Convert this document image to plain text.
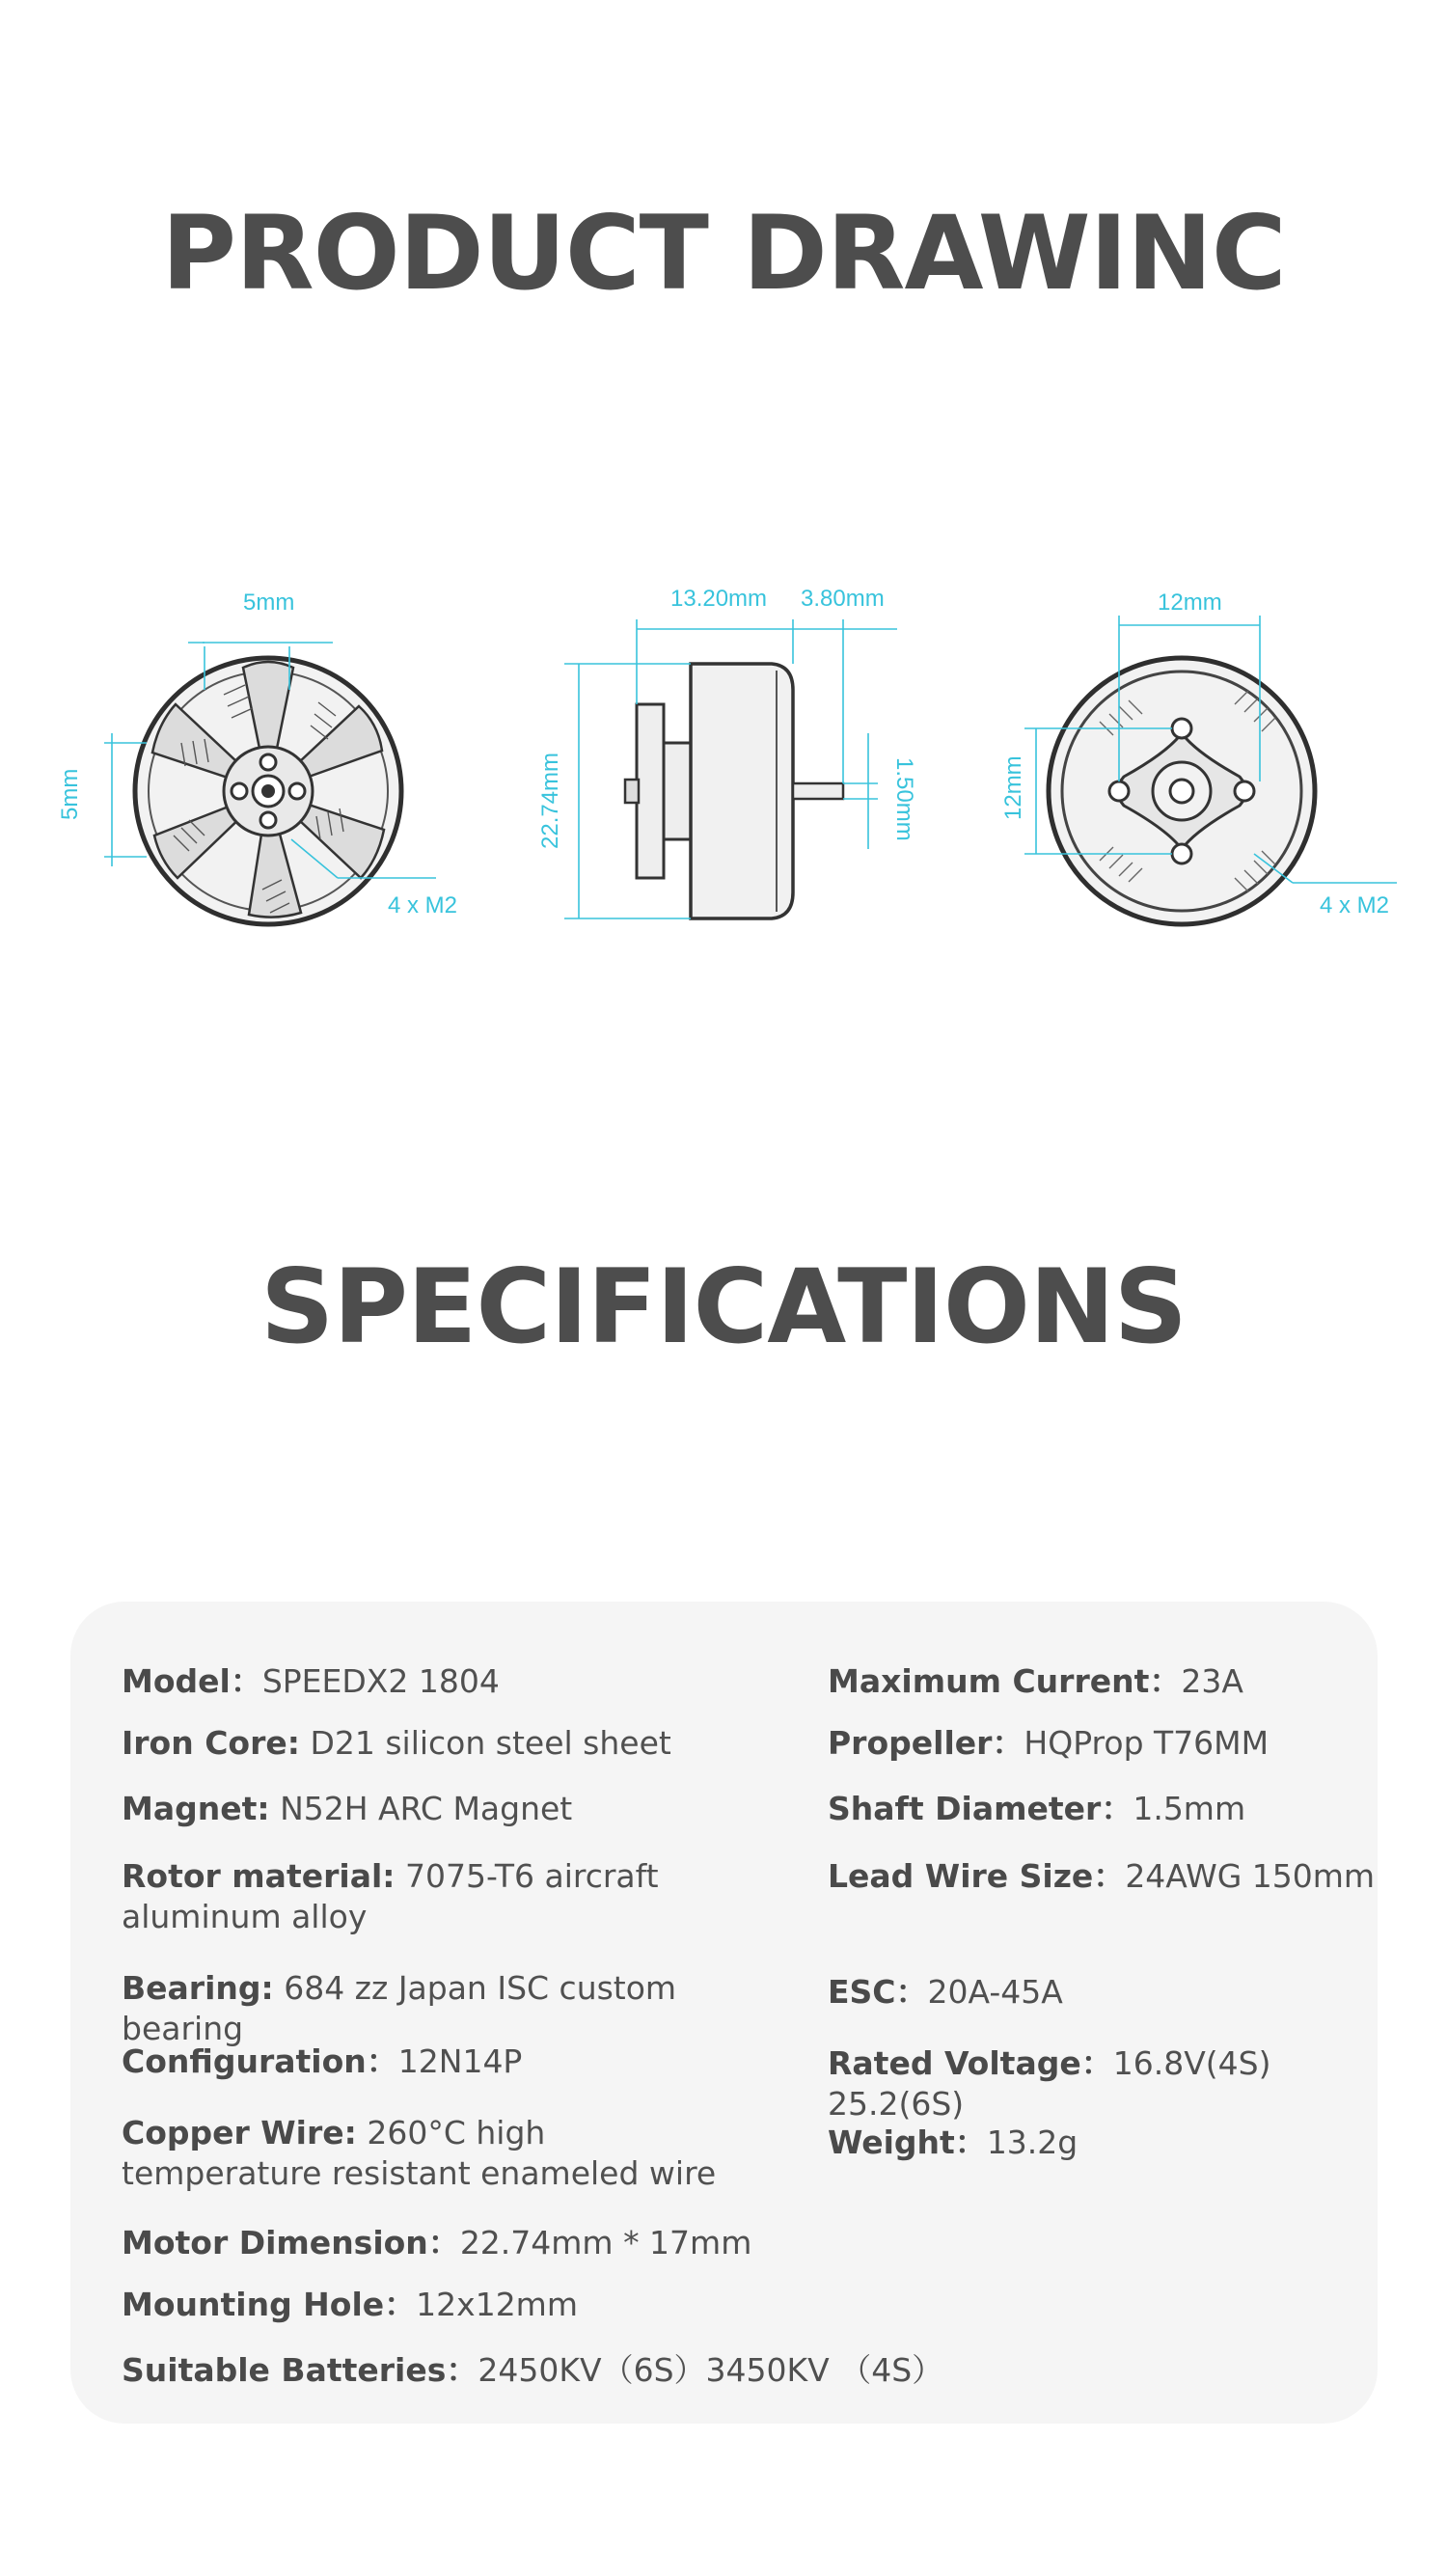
PRODUCT DRAWINC
5mm
5mm
4 x M2
13.20mm 3.80mm
22.74mm	1.50mm
12mm
12mm
4 x M2
SPECIFICATIONS

Model：SPEEDX2 1804

Iron Core: D21 silicon steel sheet

Magnet: N52H ARC Magnet

Rotor material: 7075-T6 aircraft aluminum alloy

Bearing: 684 zz Japan ISC custom bearing

Configuration：12N14P

Copper Wire: 260°C high temperature resistant enameled wire

Motor Dimension：22.74mm * 17mm

Mounting Hole：12x12mm

Suitable Batteries：2450KV（6S）3450KV （4S）

Maximum Current：23A

Propeller：HQProp T76MM

Shaft Diameter：1.5mm

Lead Wire Size：24AWG 150mm

ESC：20A-45A

Rated Voltage：16.8V(4S) 25.2(6S)

Weight：13.2g
